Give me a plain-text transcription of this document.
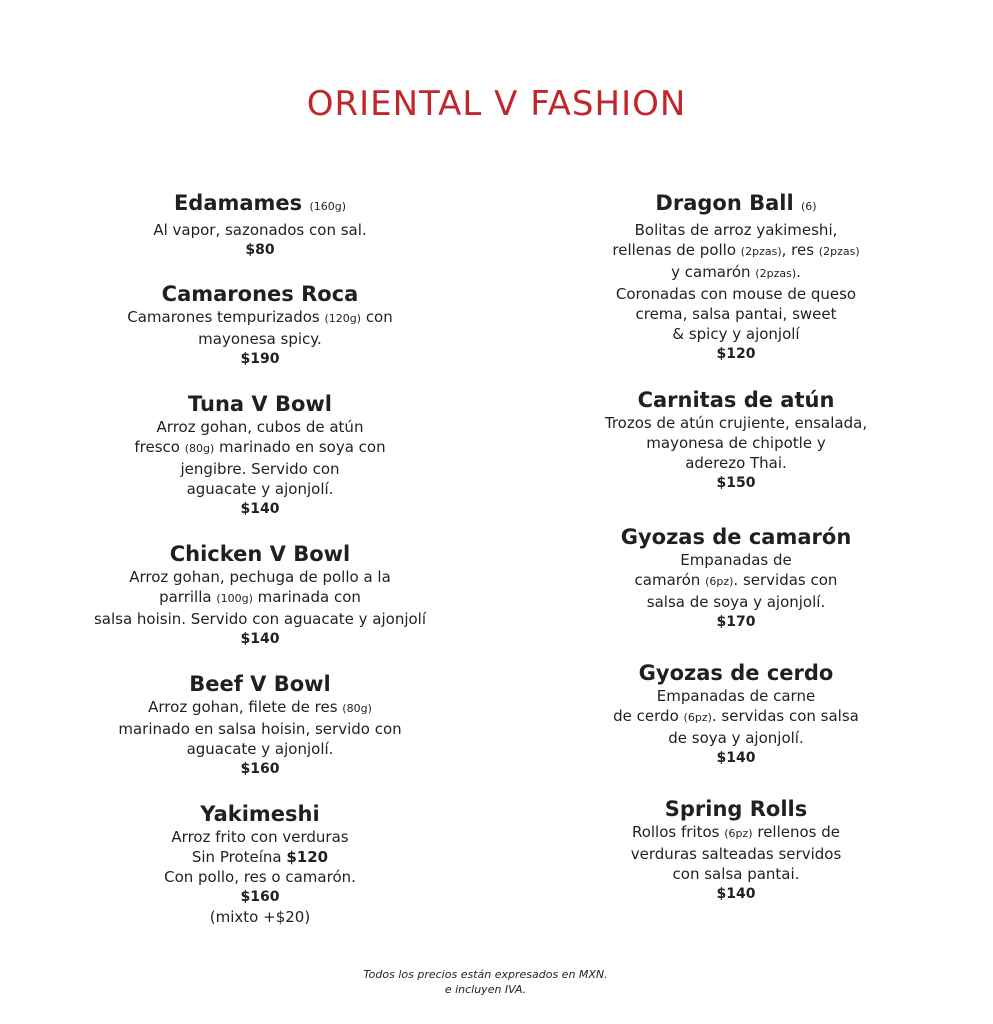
ORIENTAL V FASHION
Edamames (160g)
Al vapor, sazonados con sal.
$80
Camarones Roca
Camarones tempurizados (120g) con
mayonesa spicy.
$190
Tuna V Bowl
Arroz gohan, cubos de atún
fresco (80g) marinado en soya con
jengibre. Servido con
aguacate y ajonjolí.
$140
Chicken V Bowl
Arroz gohan, pechuga de pollo a la
parrilla (100g) marinada con
salsa hoisin. Servido con aguacate y ajonjolí
$140
Beef V Bowl
Arroz gohan, filete de res (80g)
marinado en salsa hoisin, servido con
aguacate y ajonjolí.
$160
Yakimeshi
Arroz frito con verduras
Sin Proteína $120
Con pollo, res o camarón.
$160
(mixto +$20)
Dragon Ball (6)
Bolitas de arroz yakimeshi,
rellenas de pollo (2pzas), res (2pzas)
y camarón (2pzas).
Coronadas con mouse de queso
crema, salsa pantai, sweet
& spicy y ajonjolí
$120
Carnitas de atún
Trozos de atún crujiente, ensalada,
mayonesa de chipotle y
aderezo Thai.
$150
Gyozas de camarón
Empanadas de
camarón (6pz). servidas con
salsa de soya y ajonjolí.
$170
Gyozas de cerdo
Empanadas de carne
de cerdo (6pz). servidas con salsa
de soya y ajonjolí.
$140
Spring Rolls
Rollos fritos (6pz) rellenos de
verduras salteadas servidos
con salsa pantai.
$140
Todos los precios están expresados en MXN.
e incluyen IVA.
